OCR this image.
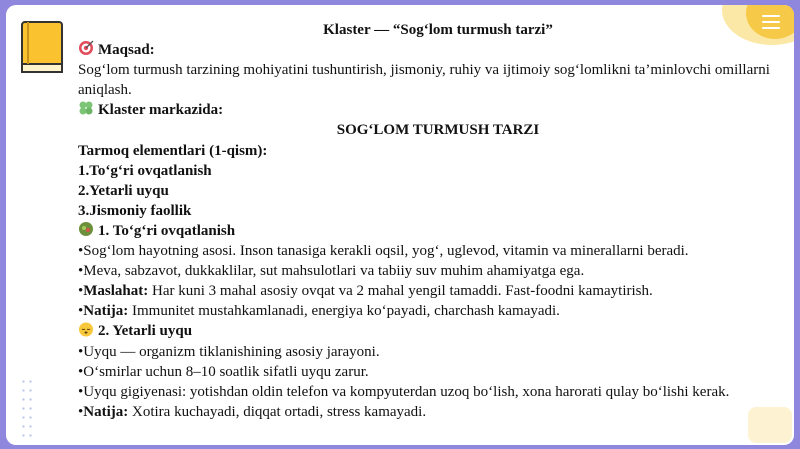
Klaster — “Sog‘lom turmush tarzi”
Maqsad:
Sog‘lom turmush tarzining mohiyatini tushuntirish, jismoniy, ruhiy va ijtimoiy sog‘lomlikni ta’minlovchi omillarni aniqlash.
Klaster markazida:
SOG‘LOM TURMUSH TARZI
Tarmoq elementlari (1-qism):
1.To‘g‘ri ovqatlanish
2.Yetarli uyqu
3.Jismoniy faollik
1. To‘g‘ri ovqatlanish
•Sog‘lom hayotning asosi. Inson tanasiga kerakli oqsil, yog‘, uglevod, vitamin va minerallarni beradi.
•Meva, sabzavot, dukkaklilar, sut mahsulotlari va tabiiy suv muhim ahamiyatga ega.
•Maslahat: Har kuni 3 mahal asosiy ovqat va 2 mahal yengil tamaddi. Fast-foodni kamaytirish.
•Natija: Immunitet mustahkamlanadi, energiya ko‘payadi, charchash kamayadi.
2. Yetarli uyqu
•Uyqu — organizm tiklanishining asosiy jarayoni.
•O‘smirlar uchun 8–10 soatlik sifatli uyqu zarur.
•Uyqu gigiyenasi: yotishdan oldin telefon va kompyuterdan uzoq bo‘lish, xona harorati qulay bo‘lishi kerak.
•Natija: Xotira kuchayadi, diqqat ortadi, stress kamayadi.
